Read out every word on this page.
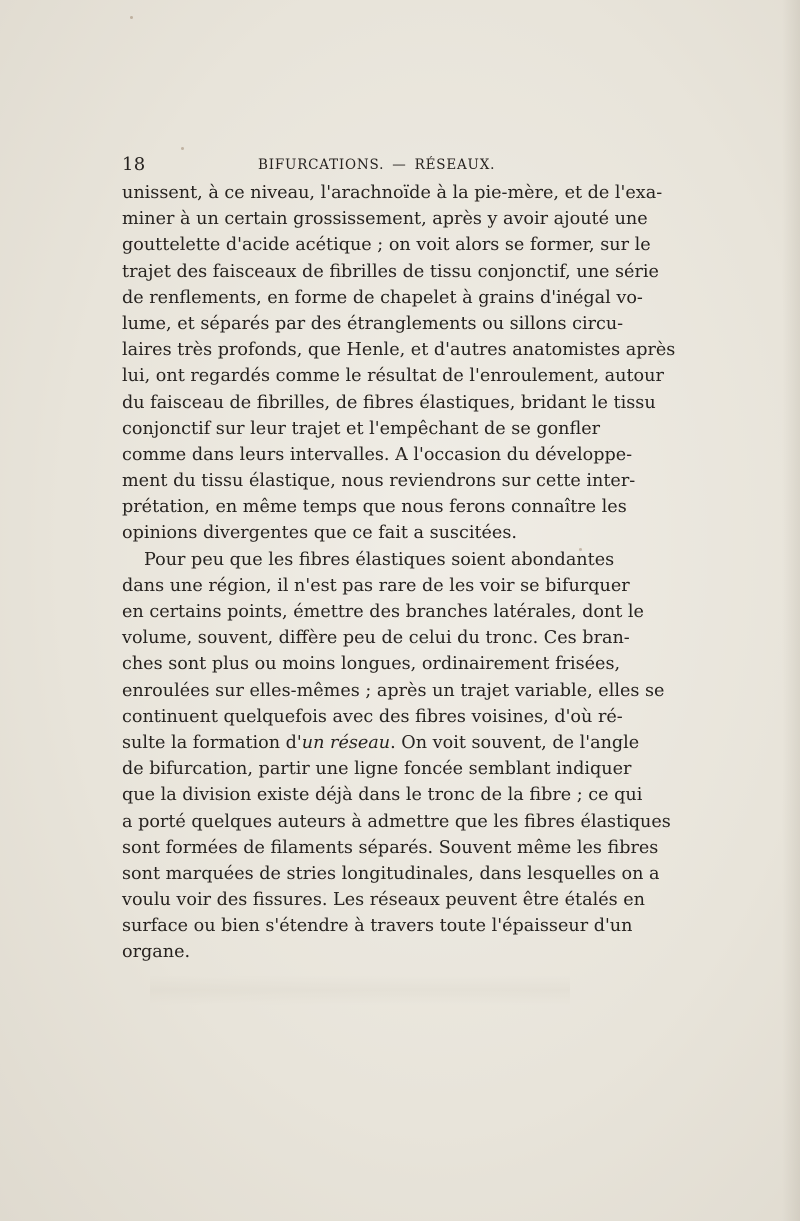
18	BIFURCATIONS. — RÉSEAUX.
unissent, à ce niveau, l'arachnoïde à la pie-mère, et de l'exa-
miner à un certain grossissement, après y avoir ajouté une
gouttelette d'acide acétique ; on voit alors se former, sur le
trajet des faisceaux de fibrilles de tissu conjonctif, une série
de renflements, en forme de chapelet à grains d'inégal vo-
lume, et séparés par des étranglements ou sillons circu-
laires très profonds, que Henle, et d'autres anatomistes après
lui, ont regardés comme le résultat de l'enroulement, autour
du faisceau de fibrilles, de fibres élastiques, bridant le tissu
conjonctif sur leur trajet et l'empêchant de se gonfler
comme dans leurs intervalles. A l'occasion du développe-
ment du tissu élastique, nous reviendrons sur cette inter-
prétation, en même temps que nous ferons connaître les
opinions divergentes que ce fait a suscitées.
Pour peu que les fibres élastiques soient abondantes
dans une région, il n'est pas rare de les voir se bifurquer
en certains points, émettre des branches latérales, dont le
volume, souvent, diffère peu de celui du tronc. Ces bran-
ches sont plus ou moins longues, ordinairement frisées,
enroulées sur elles-mêmes ; après un trajet variable, elles se
continuent quelquefois avec des fibres voisines, d'où ré-
sulte la formation d'un réseau. On voit souvent, de l'angle
de bifurcation, partir une ligne foncée semblant indiquer
que la division existe déjà dans le tronc de la fibre ; ce qui
a porté quelques auteurs à admettre que les fibres élastiques
sont formées de filaments séparés. Souvent même les fibres
sont marquées de stries longitudinales, dans lesquelles on a
voulu voir des fissures. Les réseaux peuvent être étalés en
surface ou bien s'étendre à travers toute l'épaisseur d'un
organe.
